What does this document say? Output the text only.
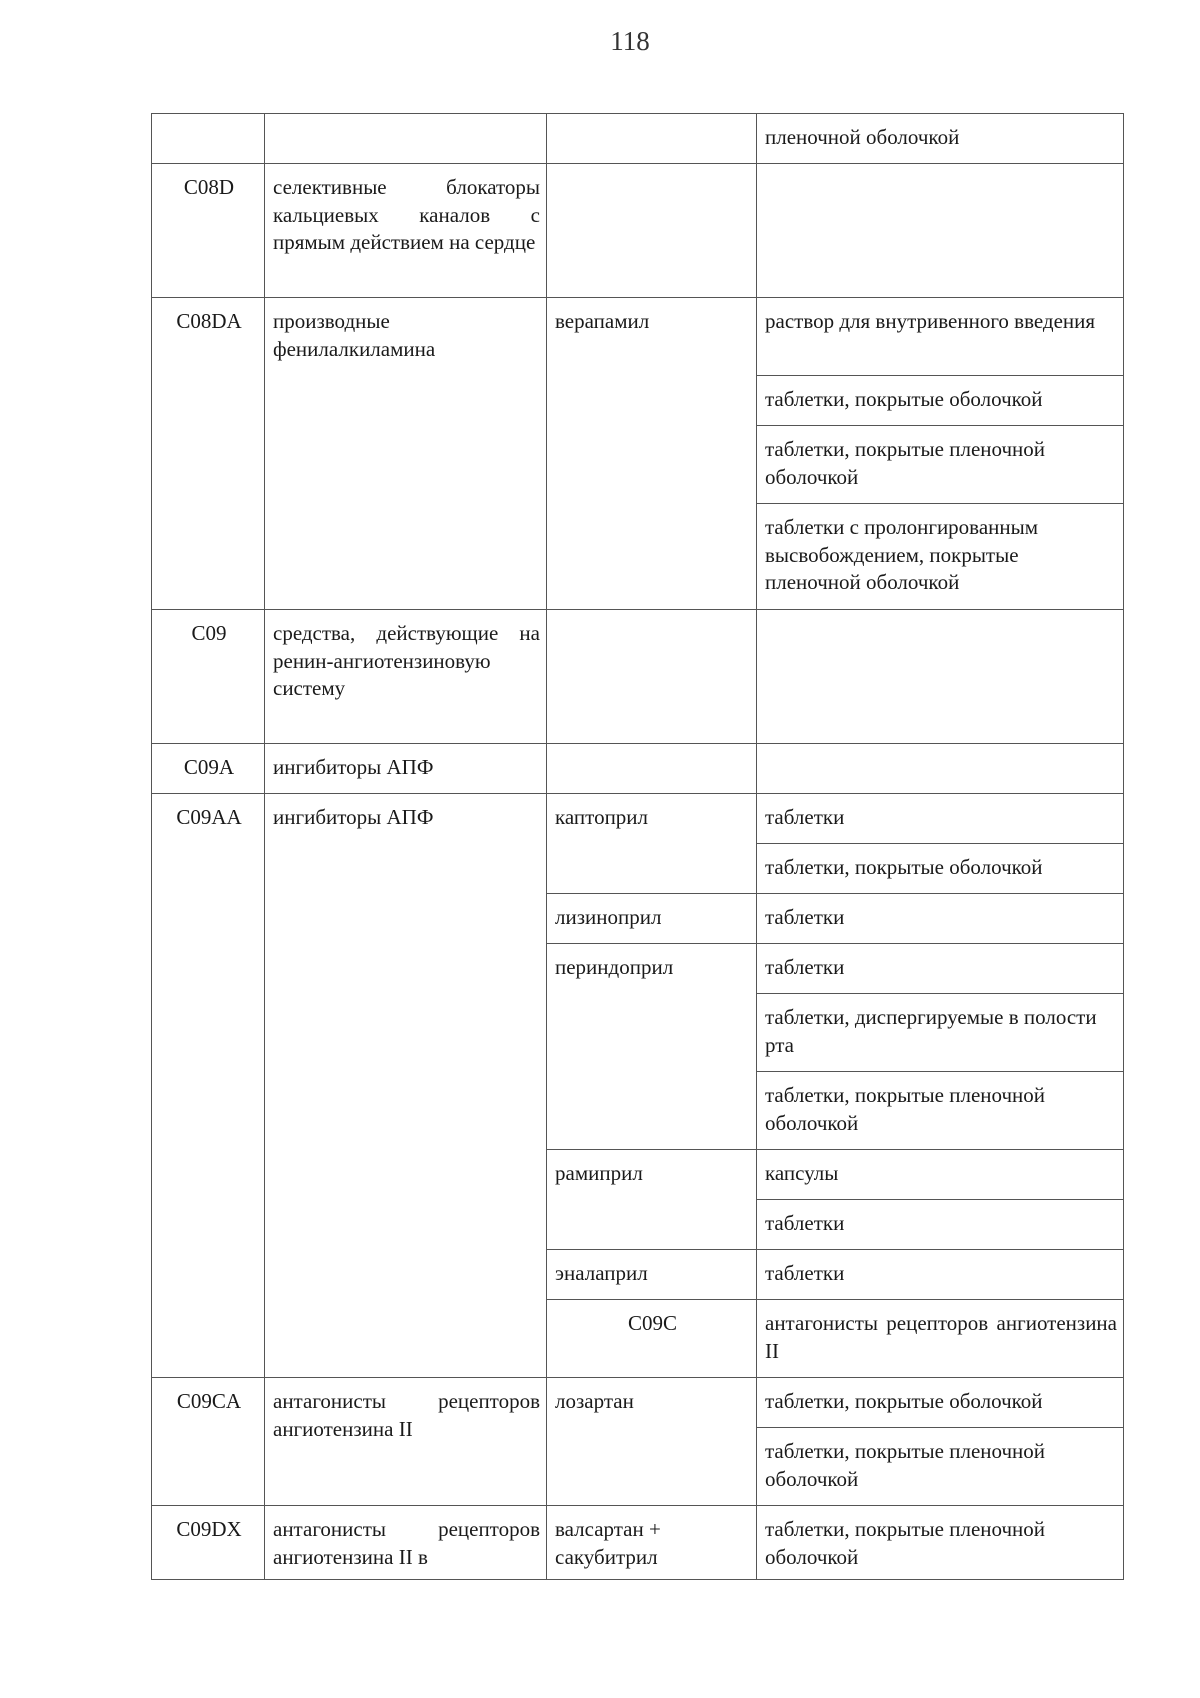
118
			пленочной оболочкой	
C08D	селективные блокаторы кальциевых каналов с прямым действием на сердце			
C08DA	производные фенилалкиламина	верапамил	раствор для внутривенного введения	
			таблетки, покрытые оболочкой	
			таблетки, покрытые пленочной оболочкой	
			таблетки с пролонгированным высвобождением, покрытые пленочной оболочкой	
C09	средства, действующие на ренин-ангиотензиновую систему			
C09A	ингибиторы АПФ			
C09AA	ингибиторы АПФ	каптоприл	таблетки	
			таблетки, покрытые оболочкой	
		лизиноприл	таблетки	
		периндоприл	таблетки	
			таблетки, диспергируемые в полости рта	
			таблетки, покрытые пленочной оболочкой	
		рамиприл	капсулы	
			таблетки	
		эналаприл	таблетки	
		C09C	антагонисты рецепторов ангиотензина II		
C09CA	антагонисты рецепторов ангиотензина II	лозартан	таблетки, покрытые оболочкой	
			таблетки, покрытые пленочной оболочкой	
C09DX	антагонисты рецепторов ангиотензина II в	валсартан + сакубитрил	таблетки, покрытые пленочной оболочкой	
